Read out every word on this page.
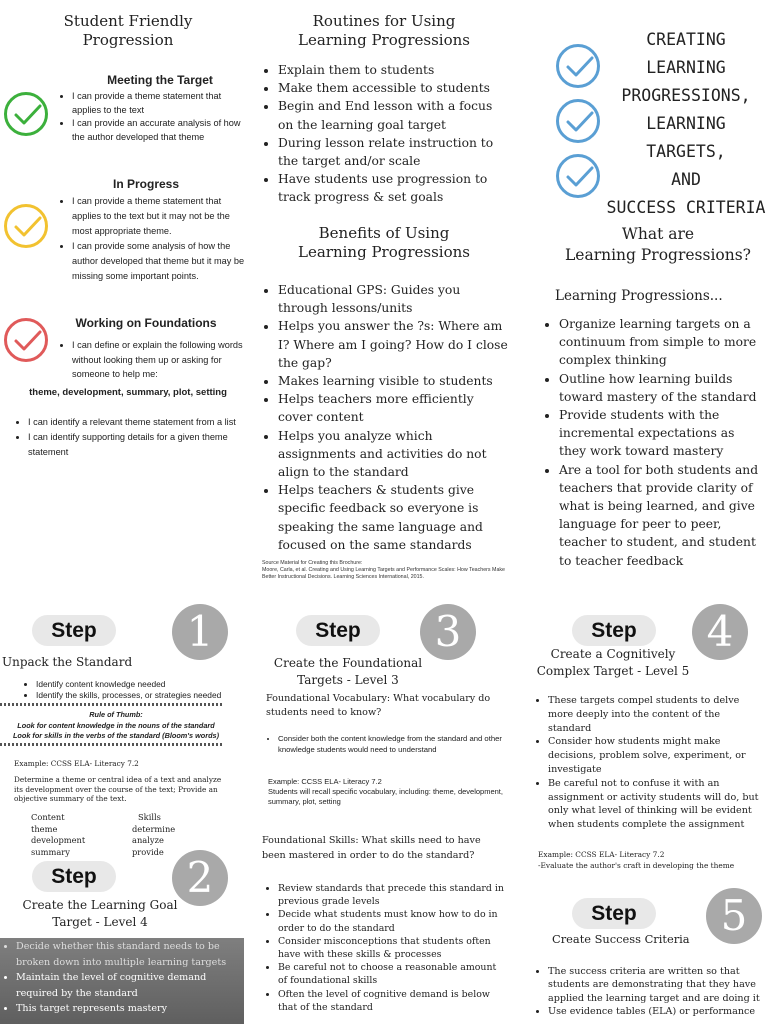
Student Friendly
Progression
Meeting the Target
• I can provide a theme statement that applies to the text
• I can provide an accurate analysis of how the author developed that theme
In Progress
• I can provide a theme statement that applies to the text but it may not be the most appropriate theme.
• I can provide some analysis of how the author developed that theme but it may be missing some important points.
Working on Foundations
• I can define or explain the following words without looking them up or asking for someone to help me:
theme, development, summary, plot, setting
• I can identify a relevant theme statement from a list
• I can identify supporting details for a given theme statement
Routines for Using
Learning Progressions
• Explain them to students
• Make them accessible to students
• Begin and End lesson with a focus on the learning goal target
• During lesson relate instruction to the target and/or scale
• Have students use progression to track progress & set goals
Benefits of Using
Learning Progressions
• Educational GPS: Guides you through lessons/units
• Helps you answer the ?s: Where am I? Where am I going? How do I close the gap?
• Makes learning visible to students
• Helps teachers more efficiently cover content
• Helps you analyze which assignments and activities do not align to the standard
• Helps teachers & students give specific feedback so everyone is speaking the same language and focused on the same standards
Source Material for Creating this Brochure:
Moore, Carla, et al. Creating and Using Learning Targets and Performance Scales: How Teachers Make Better Instructional Decisions. Learning Sciences International, 2015.
CREATING
LEARNING
PROGRESSIONS,
LEARNING TARGETS,
AND
SUCCESS CRITERIA
What are
Learning Progressions?
Learning Progressions...
• Organize learning targets on a continuum from simple to more complex thinking
• Outline how learning builds toward mastery of the standard
• Provide students with the incremental expectations as they work toward mastery
• Are a tool for both students and teachers that provide clarity of what is being learned, and give language for peer to peer, teacher to student, and student to teacher feedback
Step	1
Unpack the Standard
• Identify content knowledge needed
• Identify the skills, processes, or strategies needed
Rule of Thumb:
Look for content knowledge in the nouns of the standard
Look for skills in the verbs of the standard (Bloom's words)
Example: CCSS ELA- Literacy 7.2
Determine a theme or central idea of a text and analyze its development over the course of the text; Provide an objective summary of the text.
Content
theme
development
summary
Skills
determine
analyze
provide
Step	2
Create the Learning Goal
Target - Level 4
• Decide whether this standard needs to be broken down into multiple learning targets
• Maintain the level of cognitive demand required by the standard
• This target represents mastery
Step	3
Create the Foundational
Targets - Level 3
Foundational Vocabulary: What vocabulary do students need to know?
• Consider both the content knowledge from the standard and other knowledge students would need to understand
Example: CCSS ELA- Literacy 7.2
Students will recall specific vocabulary, including: theme, development, summary, plot, setting
Foundational Skills: What skills need to have been mastered in order to do the standard?
• Review standards that precede this standard in previous grade levels
• Decide what students must know how to do in order to do the standard
• Consider misconceptions that students often have with these skills & processes
• Be careful not to choose a reasonable amount of foundational skills
• Often the level of cognitive demand is below that of the standard
Step	4
Create a Cognitively
Complex Target - Level 5
• These targets compel students to delve more deeply into the content of the standard
• Consider how students might make decisions, problem solve, experiment, or investigate
• Be careful not to confuse it with an assignment or activity students will do, but only what level of thinking will be evident when students complete the assignment
Example: CCSS ELA- Literacy 7.2
-Evaluate the author's craft in developing the theme
Step	5
Create Success Criteria
• The success criteria are written so that students are demonstrating that they have applied the learning target and are doing it
• Use evidence tables (ELA) or performance
